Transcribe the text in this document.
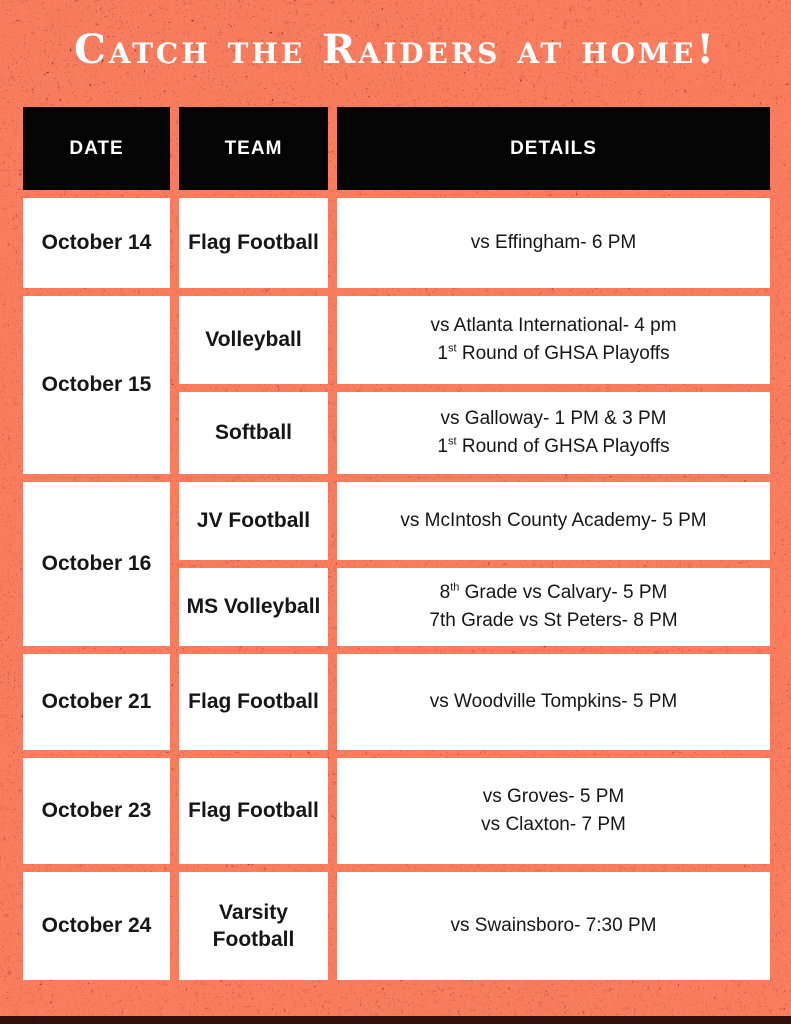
Catch the Raiders at home!
DATE	TEAM	DETAILS
October 14	Flag Football	vs Effingham- 6 PM

October 15	Volleyball	vs Atlanta International- 4 pm
1st Round of GHSA Playoffs

	Softball	vs Galloway- 1 PM & 3 PM
1st Round of GHSA Playoffs

October 16	JV Football	vs McIntosh County Academy- 5 PM

	MS Volleyball	8th Grade vs Calvary- 5 PM
7th Grade vs St Peters- 8 PM

October 21	Flag Football	vs Woodville Tompkins- 5 PM

October 23	Flag Football	vs Groves- 5 PM
vs Claxton- 7 PM

October 24	Varsity Football	vs Swainsboro- 7:30 PM
